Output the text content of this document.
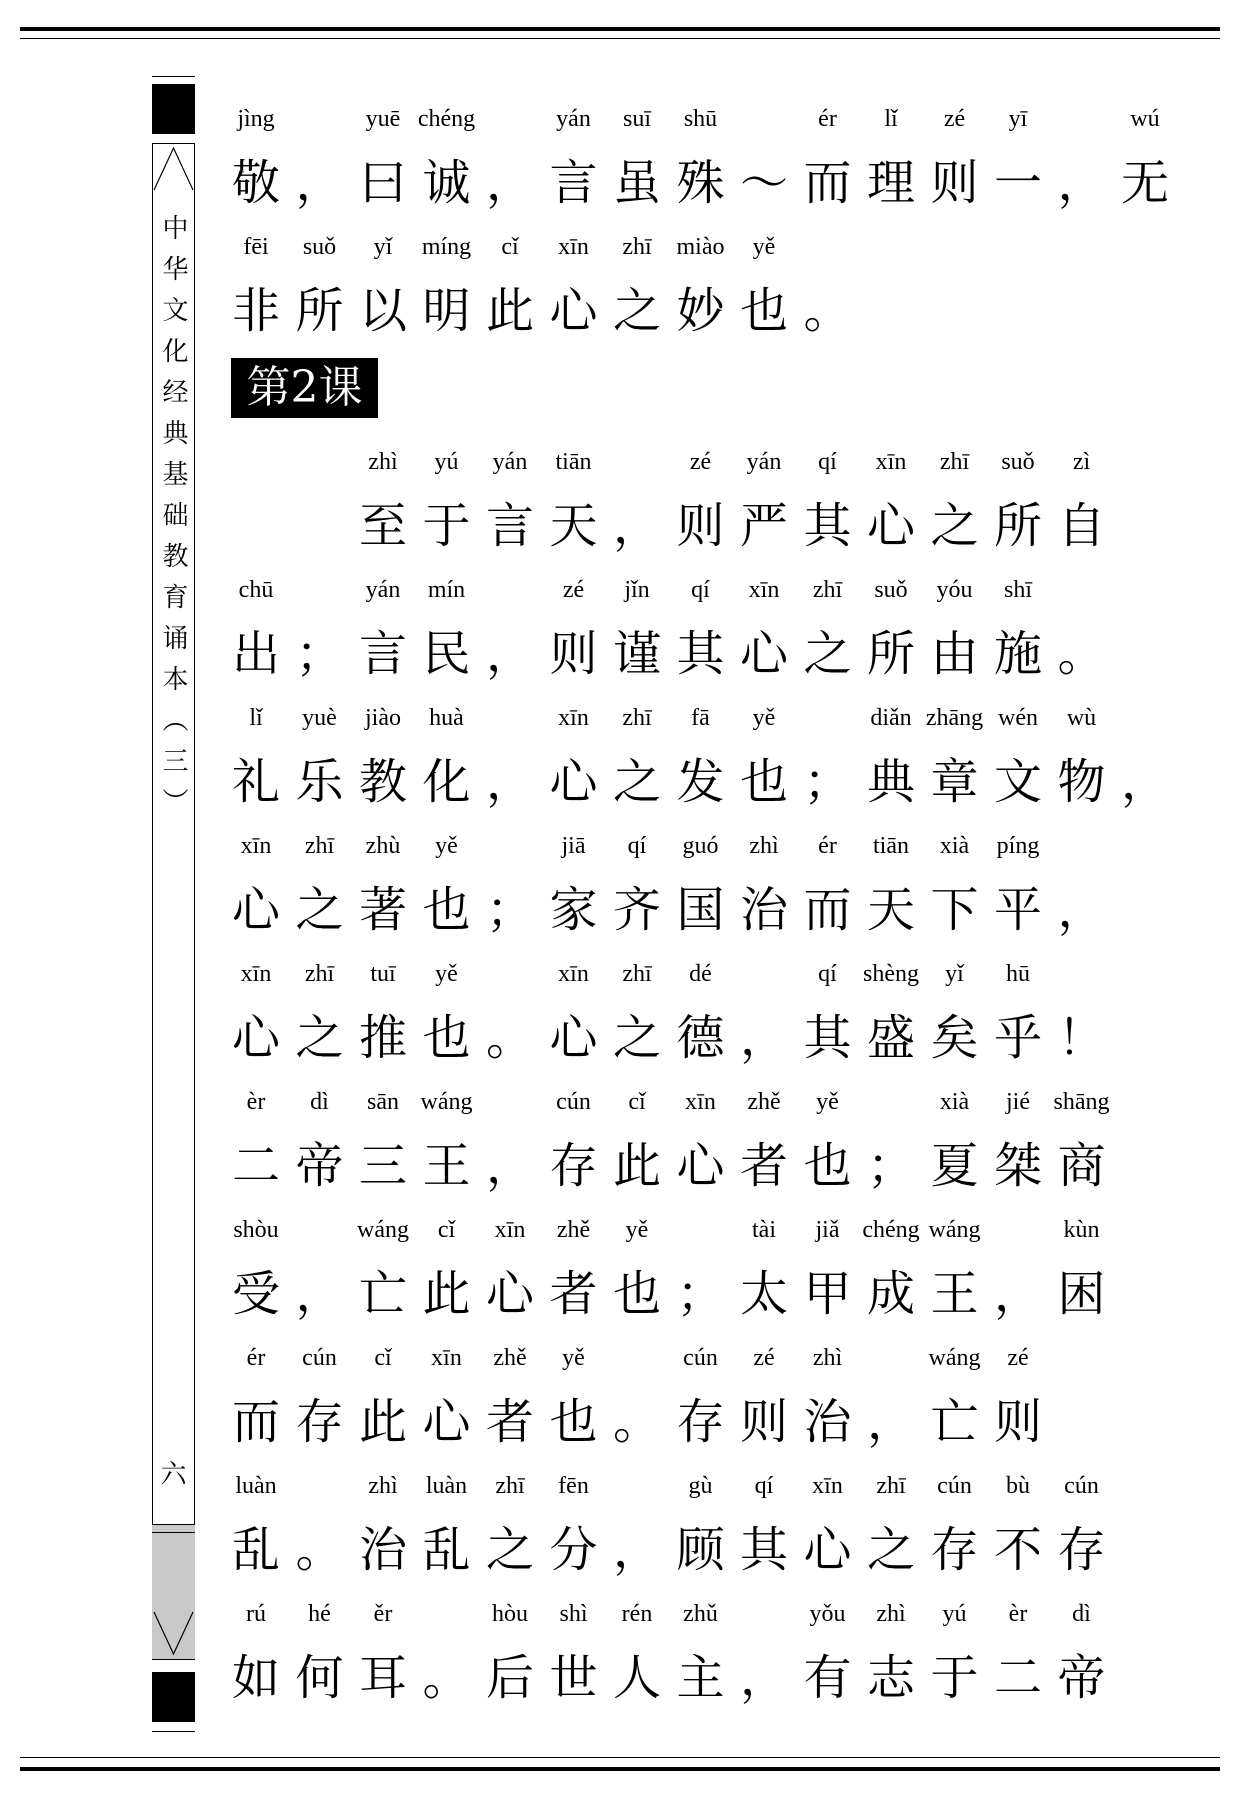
中华文化经典基础教育诵本（三）
六
第2课
敬
jìng
， 曰
yuē
诚
chéng
， 言
yán
虽
suī
殊
shū
～ 而
ér
理
lǐ
则
zé
一
yī
， 无
wú
非
fēi
所
suǒ
以
yǐ
明
míng
此
cǐ
心
xīn
之
zhī
妙
miào
也
yě
。
至
zhì
于
yú
言
yán
天
tiān
， 则
zé
严
yán
其
qí
心
xīn
之
zhī
所
suǒ
自
zì
出
chū
； 言
yán
民
mín
， 则
zé
谨
jǐn
其
qí
心
xīn
之
zhī
所
suǒ
由
yóu
施
shī
。
礼
lǐ
乐
yuè
教
jiào
化
huà
， 心
xīn
之
zhī
发
fā
也
yě
； 典
diǎn
章
zhāng
文
wén
物
wù
，
心
xīn
之
zhī
著
zhù
也
yě
； 家
jiā
齐
qí
国
guó
治
zhì
而
ér
天
tiān
下
xià
平
píng
，
心
xīn
之
zhī
推
tuī
也
yě
。 心
xīn
之
zhī
德
dé
， 其
qí
盛
shèng
矣
yǐ
乎
hū
！
二
èr
帝
dì
三
sān
王
wáng
， 存
cún
此
cǐ
心
xīn
者
zhě
也
yě
； 夏
xià
桀
jié
商
shāng
受
shòu
， 亡
wáng
此
cǐ
心
xīn
者
zhě
也
yě
； 太
tài
甲
jiǎ
成
chéng
王
wáng
， 困
kùn
而
ér
存
cún
此
cǐ
心
xīn
者
zhě
也
yě
。 存
cún
则
zé
治
zhì
， 亡
wáng
则
zé
乱
luàn
。 治
zhì
乱
luàn
之
zhī
分
fēn
， 顾
gù
其
qí
心
xīn
之
zhī
存
cún
不
bù
存
cún
如
rú
何
hé
耳
ěr
。 后
hòu
世
shì
人
rén
主
zhǔ
， 有
yǒu
志
zhì
于
yú
二
èr
帝
dì
